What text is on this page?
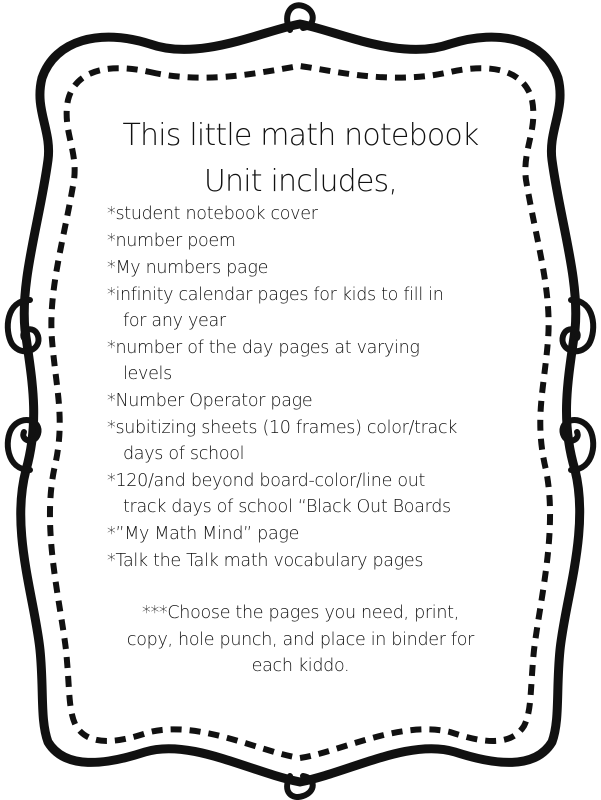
This little math notebook
Unit includes,
*student notebook cover
*number poem
*My numbers page
*infinity calendar pages for kids to fill in
for any year
*number of the day pages at varying
levels
*Number Operator page
*subitizing sheets (10 frames) color/track
days of school
*120/and beyond board-color/line out
track days of school “Black Out Boards
*”My Math Mind” page
*Talk the Talk math vocabulary pages
***Choose the pages you need, print,
copy, hole punch, and place in binder for
each kiddo.
